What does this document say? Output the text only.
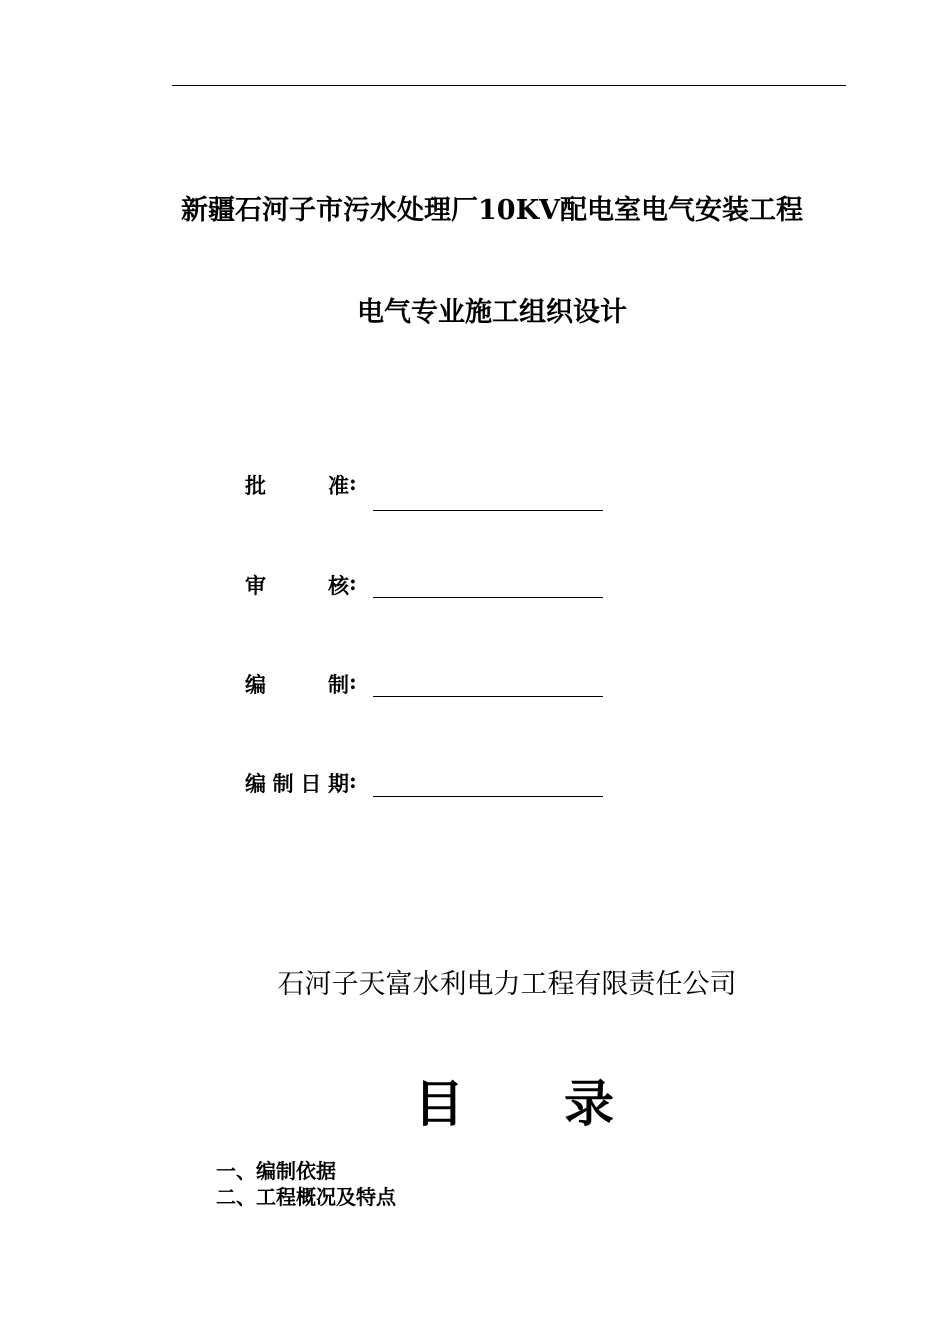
新疆石河子市污水处理厂10KV配电室电气安装工程
电气专业施工组织设计
批	准 :
审	核 :
编	制 :
编 制 日 期 :
石河子天富水利电力工程有限责任公司
目 录
一、编制依据
二、工程概况及特点
